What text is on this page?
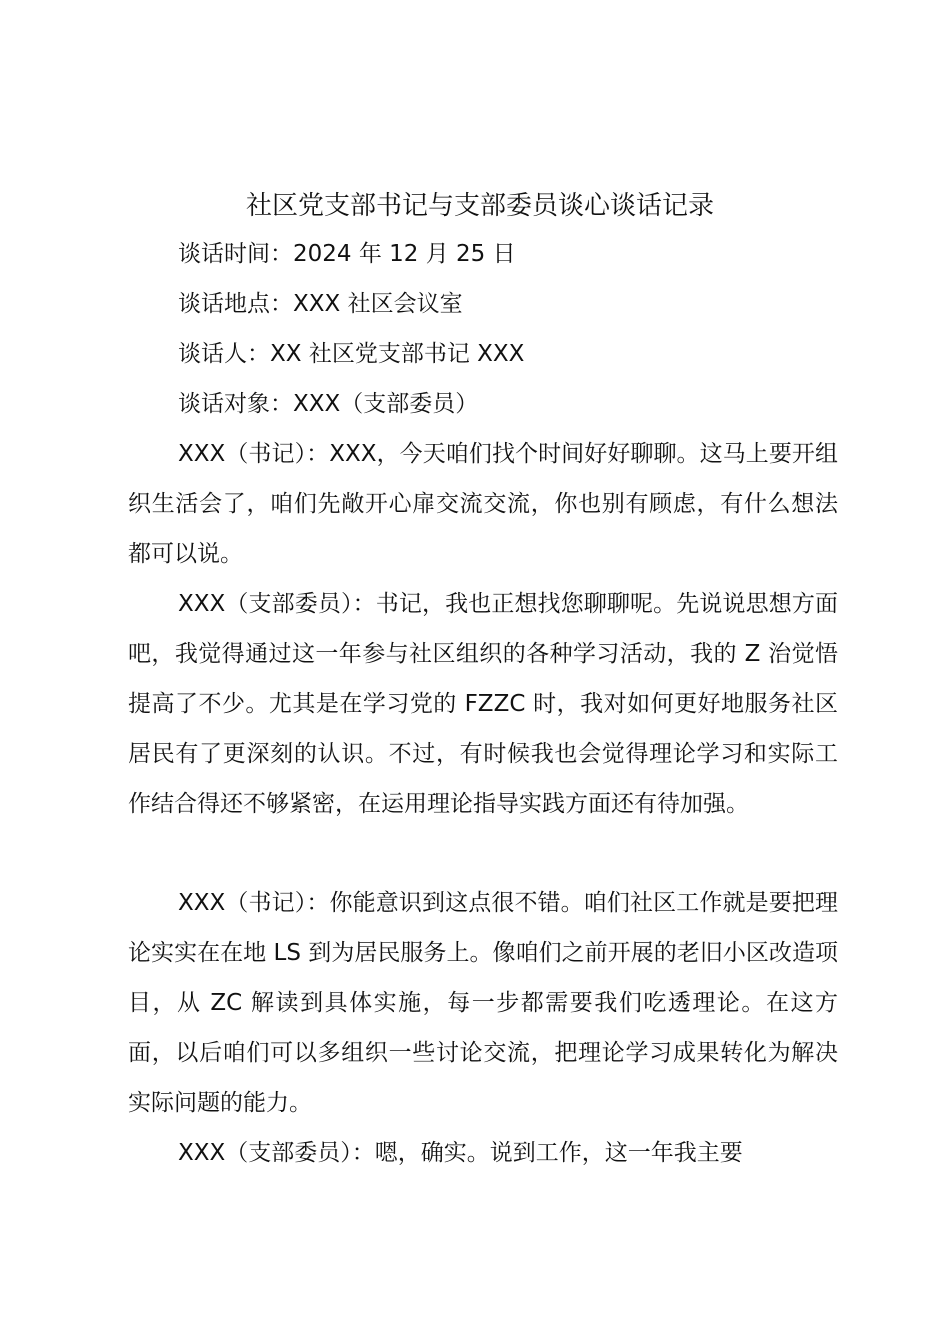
社区党支部书记与支部委员谈心谈话记录
谈话时间：2024 年 12 月 25 日
谈话地点：XXX 社区会议室
谈话人：XX 社区党支部书记 XXX
谈话对象：XXX（支部委员）

XXX（书记）：XXX，今天咱们找个时间好好聊聊。这马上要开组织生活会了，咱们先敞开心扉交流交流，你也别有顾虑，有什么想法都可以说。

XXX（支部委员）：书记，我也正想找您聊聊呢。先说说思想方面吧，我觉得通过这一年参与社区组织的各种学习活动，我的 Z 治觉悟提高了不少。尤其是在学习党的 FZZC 时，我对如何更好地服务社区居民有了更深刻的认识。不过，有时候我也会觉得理论学习和实际工作结合得还不够紧密，在运用理论指导实践方面还有待加强。

XXX（书记）：你能意识到这点很不错。咱们社区工作就是要把理论实实在在地 LS 到为居民服务上。像咱们之前开展的老旧小区改造项目，从 ZC 解读到具体实施，每一步都需要我们吃透理论。在这方面，以后咱们可以多组织一些讨论交流，把理论学习成果转化为解决实际问题的能力。

XXX（支部委员）：嗯，确实。说到工作，这一年我主要
